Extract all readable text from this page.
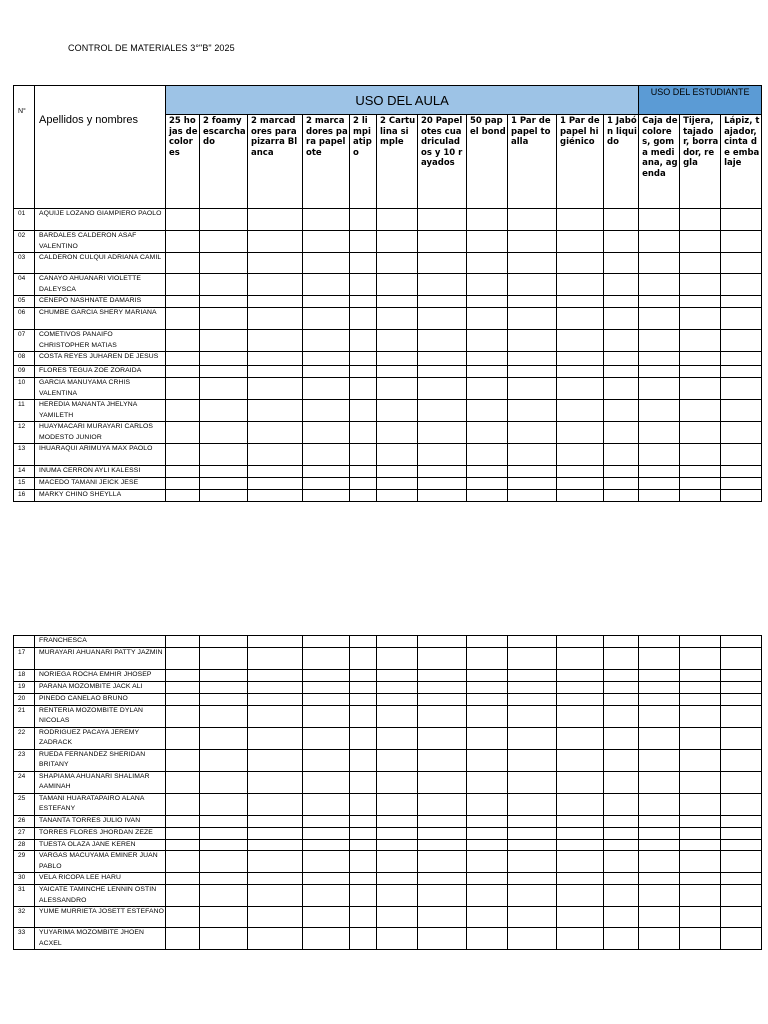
CONTROL DE MATERIALES 3°"B" 2025
N°	Apellidos y nombres	USO DEL AULA											USO DEL ESTUDIANTE		
		25 hojas de colores	2 foamy escarchado	2 marcadores para pizarra Blanca	2 marcadores para papelote	2 limpiatipo	2 Cartulina simple	20 Papelotes cuadriculados y 10 rayados	50 papel bond	1 Par de papel toalla	1 Par de papel higiénico	1 Jabón liquido	Caja de colores, goma mediana, agenda	Tijera, tajador, borrador, regla	Lápiz, tajador, cinta de embalaje
01	AQUIJE LOZANO GIAMPIERO PAOLO														
02	BARDALES CALDERON ASAF VALENTINO														
03	CALDERON CULQUI ADRIANA CAMIL														
04	CANAYO AHUANARI VIOLETTE DALEYSCA														
05	CENEPO NASHNATE DAMARIS														
06	CHUMBE GARCIA SHERY MARIANA														
07	COMETIVOS PANAIFO CHRISTOPHER MATIAS														
08	COSTA REYES JUHAREN DE JESUS														
09	FLORES TEGUA ZOE ZORAIDA														
10	GARCIA MANUYAMA CRHIS VALENTINA														
11	HEREDIA MANANTA JHELYNA YAMILETH														
12	HUAYMACARI MURAYARI CARLOS MODESTO JUNIOR														
13	IHUARAQUI ARIMUYA MAX PAOLO														
14	INUMA CERRON AYLI KALESSI														
15	MACEDO TAMANI JEICK JESE														
16	MARKY CHINO SHEYLLA														
	FRANCHESCA														
17	MURAYARI AHUANARI PATTY JAZMIN														
18	NORIEGA ROCHA EMHIR JHOSEP														
19	PARANA MOZOMBITE JACK ALI														
20	PINEDO CANELAO BRUNO														
21	RENTERIA MOZOMBITE DYLAN NICOLAS														
22	RODRIGUEZ PACAYA JEREMY ZADRACK														
23	RUEDA FERNANDEZ SHERIDAN BRITANY														
24	SHAPIAMA AHUANARI SHALIMAR AAMINAH														
25	TAMANI HUARATAPAIRO ALANA ESTEFANY														
26	TANANTA TORRES JULIO IVAN														
27	TORRES FLORES JHORDAN ZEZE														
28	TUESTA OLAZA JANE KEREN														
29	VARGAS MACUYAMA EMINER JUAN PABLO														
30	VELA RICOPA LEE HARU														
31	YAICATE TAMINCHE LENNIN OSTIN ALESSANDRO														
32	YUME MURRIETA JOSETT ESTEFANO														
33	YUYARIMA MOZOMBITE JHOEN ACXEL														
